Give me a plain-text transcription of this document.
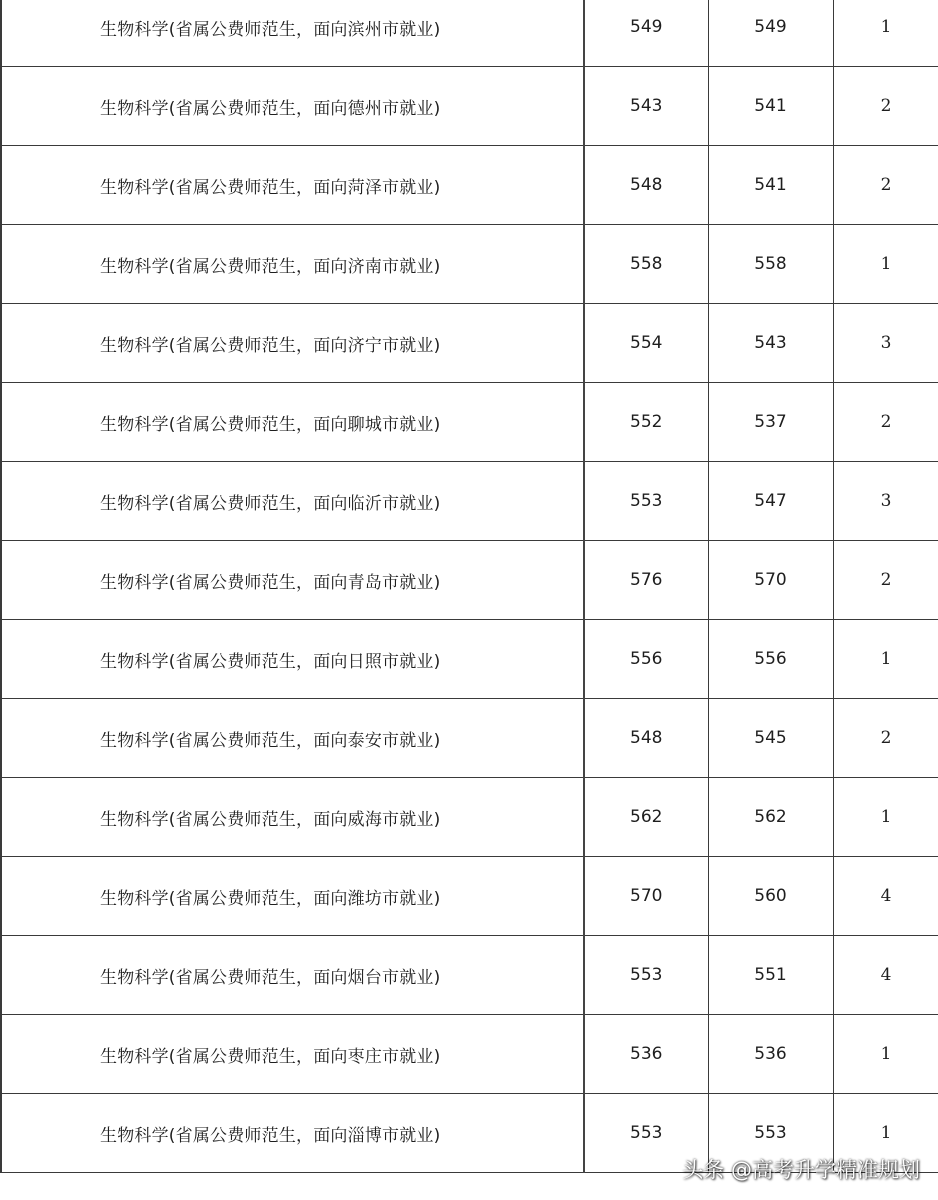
生物科学(省属公费师范生，面向滨州市就业)	549	549	1
生物科学(省属公费师范生，面向德州市就业)	543	541	2
生物科学(省属公费师范生，面向菏泽市就业)	548	541	2
生物科学(省属公费师范生，面向济南市就业)	558	558	1
生物科学(省属公费师范生，面向济宁市就业)	554	543	3
生物科学(省属公费师范生，面向聊城市就业)	552	537	2
生物科学(省属公费师范生，面向临沂市就业)	553	547	3
生物科学(省属公费师范生，面向青岛市就业)	576	570	2
生物科学(省属公费师范生，面向日照市就业)	556	556	1
生物科学(省属公费师范生，面向泰安市就业)	548	545	2
生物科学(省属公费师范生，面向威海市就业)	562	562	1
生物科学(省属公费师范生，面向潍坊市就业)	570	560	4
生物科学(省属公费师范生，面向烟台市就业)	553	551	4
生物科学(省属公费师范生，面向枣庄市就业)	536	536	1
生物科学(省属公费师范生，面向淄博市就业)	553	553	1
头条 @高考升学精准规划
